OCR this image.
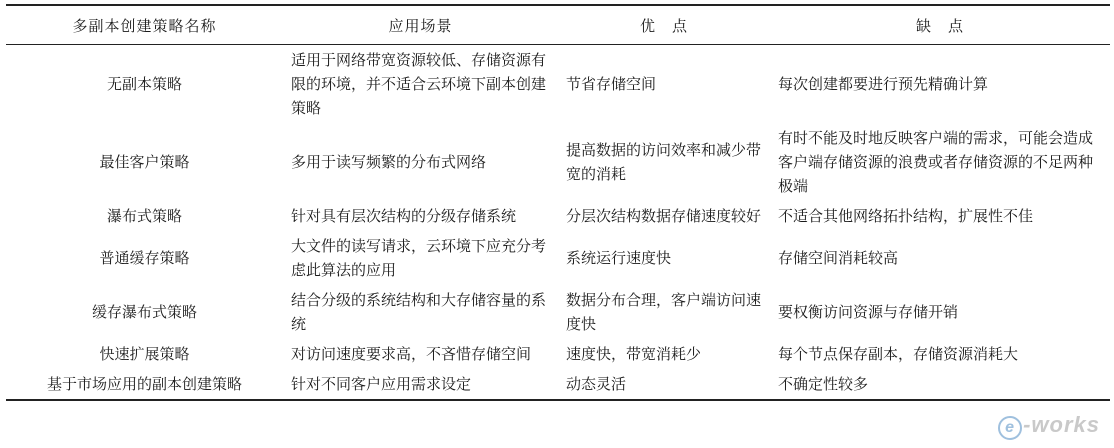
多副本创建策略名称	应用场景	优　点	缺　点
无副本策略	适用于网络带宽资源较低、存储资源有限的环境，并不适合云环境下副本创建策略	节省存储空间	每次创建都要进行预先精确计算
最佳客户策略	多用于读写频繁的分布式网络	提高数据的访问效率和减少带宽的消耗	有时不能及时地反映客户端的需求，可能会造成客户端存储资源的浪费或者存储资源的不足两种极端
瀑布式策略	针对具有层次结构的分级存储系统	分层次结构数据存储速度较好	不适合其他网络拓扑结构，扩展性不佳
普通缓存策略	大文件的读写请求，云环境下应充分考虑此算法的应用	系统运行速度快	存储空间消耗较高
缓存瀑布式策略	结合分级的系统结构和大存储容量的系统	数据分布合理，客户端访问速度快	要权衡访问资源与存储开销
快速扩展策略	对访问速度要求高，不吝惜存储空间	速度快，带宽消耗少	每个节点保存副本，存储资源消耗大
基于市场应用的副本创建策略	针对不同客户应用需求设定	动态灵活	不确定性较多
e -works
